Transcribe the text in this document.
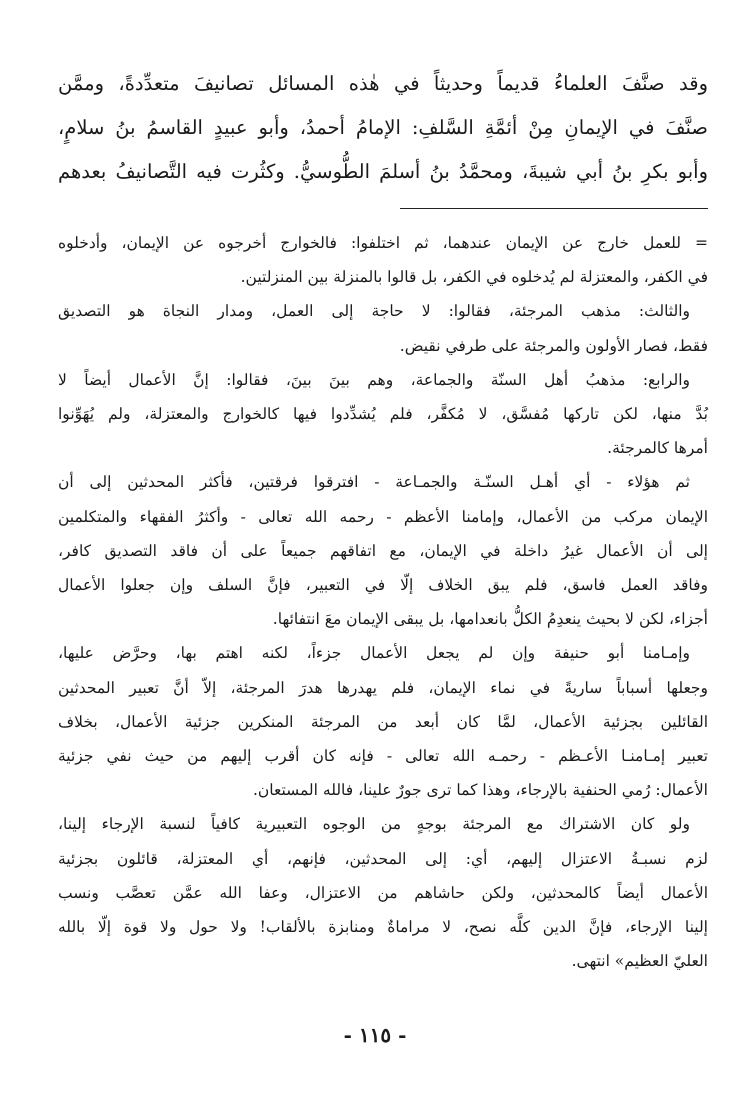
وقد صنَّفَ العلماءُ قديماً وحديثاً في هٰذه المسائل تصانيفَ متعدِّدةً، وممَّن
صنَّفَ في الإيمانِ مِنْ أئمَّةِ السَّلفِ: الإمامُ أحمدُ، وأبو عبيدٍ القاسمُ بنُ سلامٍ،
وأبو بكرِ بنُ أبي شيبةَ، ومحمَّدُ بنُ أسلمَ الطُّوسيُّ. وكثُرت فيه التَّصانيفُ بعدهم
= للعمل خارج عن الإيمان عندهما، ثم اختلفوا: فالخوارج أخرجوه عن الإيمان، وأدخلوه
في الكفر، والمعتزلة لم يُدخلوه في الكفر، بل قالوا بالمنزلة بين المنزلتين.
والثالث: مذهب المرجئة، فقالوا: لا حاجة إلى العمل، ومدار النجاة هو التصديق
فقط، فصار الأولون والمرجئة على طرفي نقيض.
والرابع: مذهبُ أهل السنّة والجماعة، وهم بينَ بينَ، فقالوا: إنَّ الأعمال أيضاً لا
بُدَّ منها، لكن تاركها مُفسَّق، لا مُكفَّر، فلم يُشدِّدوا فيها كالخوارج والمعتزلة، ولم يُهَوِّنوا
أمرها كالمرجئة.
ثم هؤلاء - أي أهـل السنّـة والجمـاعة - افترقوا فرقتين، فأكثر المحدثين إلى أن
الإيمان مركب من الأعمال، وإمامنا الأعظم - رحمه الله تعالى - وأكثرُ الفقهاء والمتكلمين
إلى أن الأعمال غيرُ داخلة في الإيمان، مع اتفاقهم جميعاً على أن فاقد التصديق كافر،
وفاقد العمل فاسق، فلم يبق الخلاف إلّا في التعبير، فإنَّ السلف وإن جعلوا الأعمال
أجزاء، لكن لا بحيث ينعدِمُ الكلُّ بانعدامها، بل يبقى الإيمان معَ انتفائها.
وإمـامنا أبو حنيفة وإن لم يجعل الأعمال جزءاً، لكنه اهتم بها، وحرَّض عليها،
وجعلها أسباباً ساريةً في نماء الإيمان، فلم يهدرها هدرَ المرجئة، إلاّ أنَّ تعبير المحدثين
القائلين بجزئية الأعمال، لمَّا كان أبعد من المرجئة المنكرين جزئية الأعمال، بخلاف
تعبير إمـامنـا الأعـظم - رحمـه الله تعالى - فإنه كان أقرب إليهم من حيث نفي جزئية
الأعمال: رُمي الحنفية بالإرجاء، وهذا كما ترى جورٌ علينا، فالله المستعان.
ولو كان الاشتراك مع المرجئة بوجهٍ من الوجوه التعبيرية كافياً لنسبة الإرجاء إلينا،
لزم نسبـةُ الاعتزال إليهم، أي: إلى المحدثين، فإنهم، أي المعتزلة، قائلون بجزئية
الأعمال أيضاً كالمحدثين، ولكن حاشاهم من الاعتزال، وعفا الله عمَّن تعصَّب ونسب
إلينا الإرجاء، فإنَّ الدين كلَّه نصح، لا مراماةٌ ومنابزة بالألقاب! ولا حول ولا قوة إلّا بالله
العليّ العظيم» انتهى.
- ١١٥ -
